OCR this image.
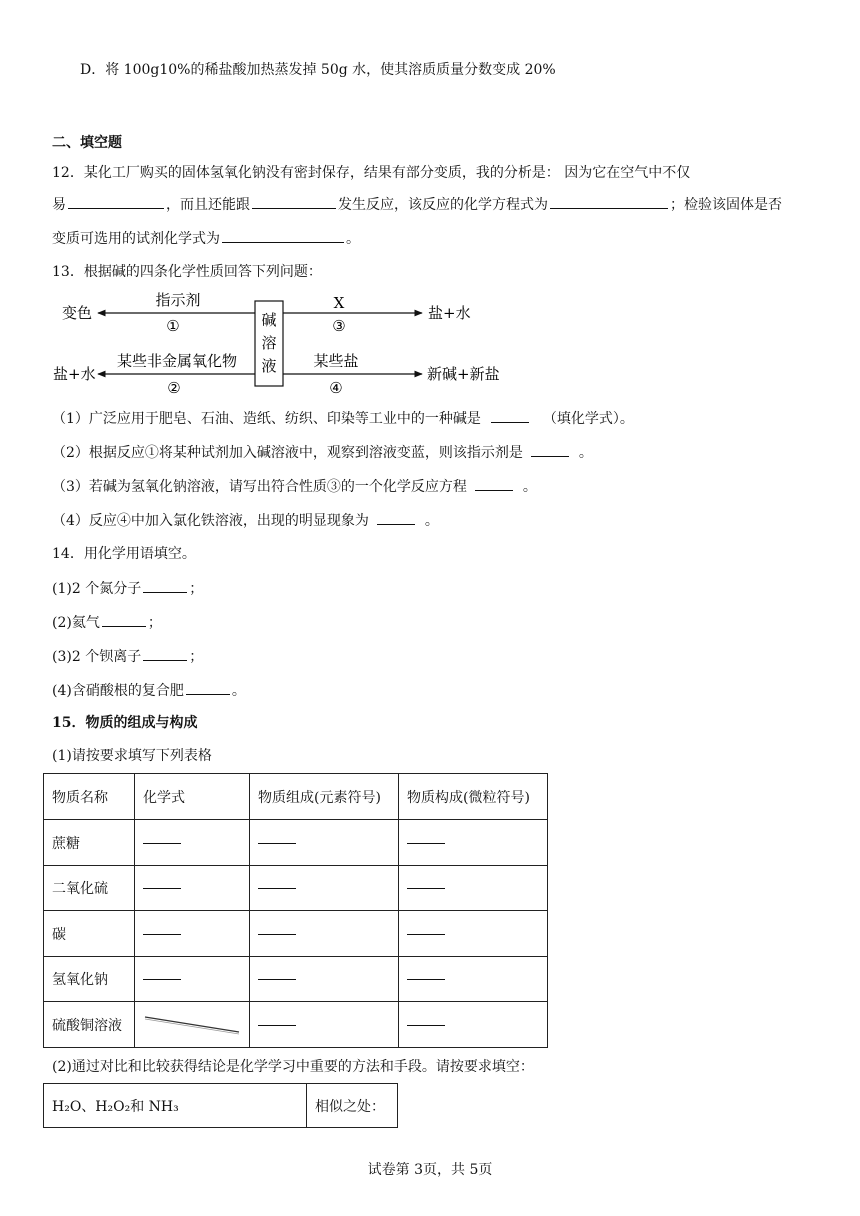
D．将 100g10%的稀盐酸加热蒸发掉 50g 水，使其溶质质量分数变成 20%
二、填空题
12．某化工厂购买的固体氢氧化钠没有密封保存，结果有部分变质，我的分析是： 因为它在空气中不仅
易	，而且还能跟	发生反应，该反应的化学方程式为	；检验该固体是否
变质可选用的试剂化学式为	。
13．根据碱的四条化学性质回答下列问题：
碱
溶
液
变色
指示剂
①
X
③
盐+水
盐+水
某些非金属氧化物
②
某些盐
④
新碱+新盐
（1）广泛应用于肥皂、石油、造纸、纺织、印染等工业中的一种碱是	（填化学式）。
（2）根据反应①将某种试剂加入碱溶液中，观察到溶液变蓝，则该指示剂是	。
（3）若碱为氢氧化钠溶液，请写出符合性质③的一个化学反应方程	。
（4）反应④中加入氯化铁溶液，出现的明显现象为	。
14．用化学用语填空。
(1)2 个氮分子	；
(2)氦气	；
(3)2 个钡离子	；
(4)含硝酸根的复合肥	。
15．物质的组成与构成
(1)请按要求填写下列表格
物质名称	化学式	物质组成(元素符号)	物质构成(微粒符号)
蔗糖			
二氧化硫			
碳			
氢氧化钠			
硫酸铜溶液	

(2)通过对比和比较获得结论是化学学习中重要的方法和手段。请按要求填空：
H₂O、H₂O₂和 NH₃	相似之处：
试卷第 3页，共 5页
